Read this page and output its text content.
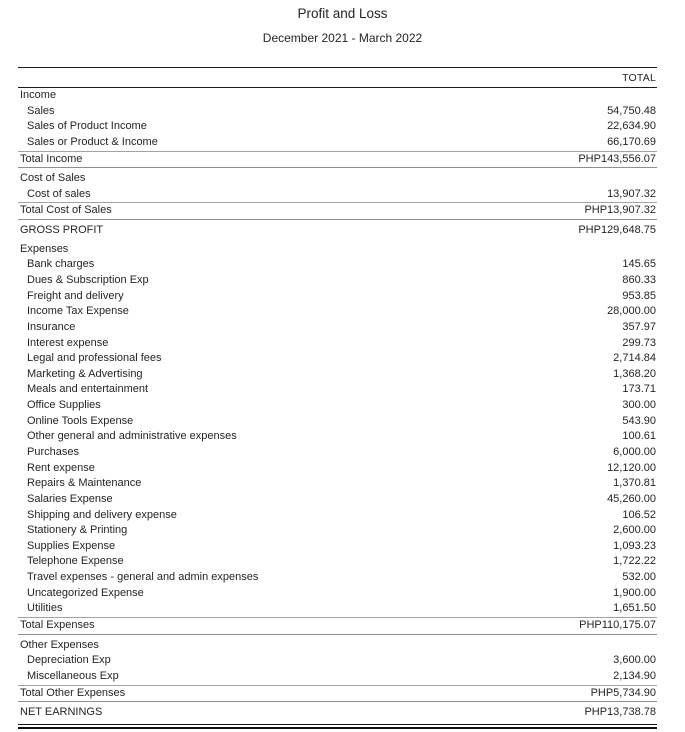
Profit and Loss
December 2021 - March 2022
TOTAL
Income
Sales	54,750.48
Sales of Product Income	22,634.90
Sales or Product & Income	66,170.69
Total Income	PHP143,556.07
Cost of Sales
Cost of sales	13,907.32
Total Cost of Sales	PHP13,907.32
GROSS PROFIT	PHP129,648.75
Expenses
Bank charges	145.65
Dues & Subscription Exp	860.33
Freight and delivery	953.85
Income Tax Expense	28,000.00
Insurance	357.97
Interest expense	299.73
Legal and professional fees	2,714.84
Marketing & Advertising	1,368.20
Meals and entertainment	173.71
Office Supplies	300.00
Online Tools Expense	543.90
Other general and administrative expenses	100.61
Purchases	6,000.00
Rent expense	12,120.00
Repairs & Maintenance	1,370.81
Salaries Expense	45,260.00
Shipping and delivery expense	106.52
Stationery & Printing	2,600.00
Supplies Expense	1,093.23
Telephone Expense	1,722.22
Travel expenses - general and admin expenses	532.00
Uncategorized Expense	1,900.00
Utilities	1,651.50
Total Expenses	PHP110,175.07
Other Expenses
Depreciation Exp	3,600.00
Miscellaneous Exp	2,134.90
Total Other Expenses	PHP5,734.90
NET EARNINGS	PHP13,738.78
